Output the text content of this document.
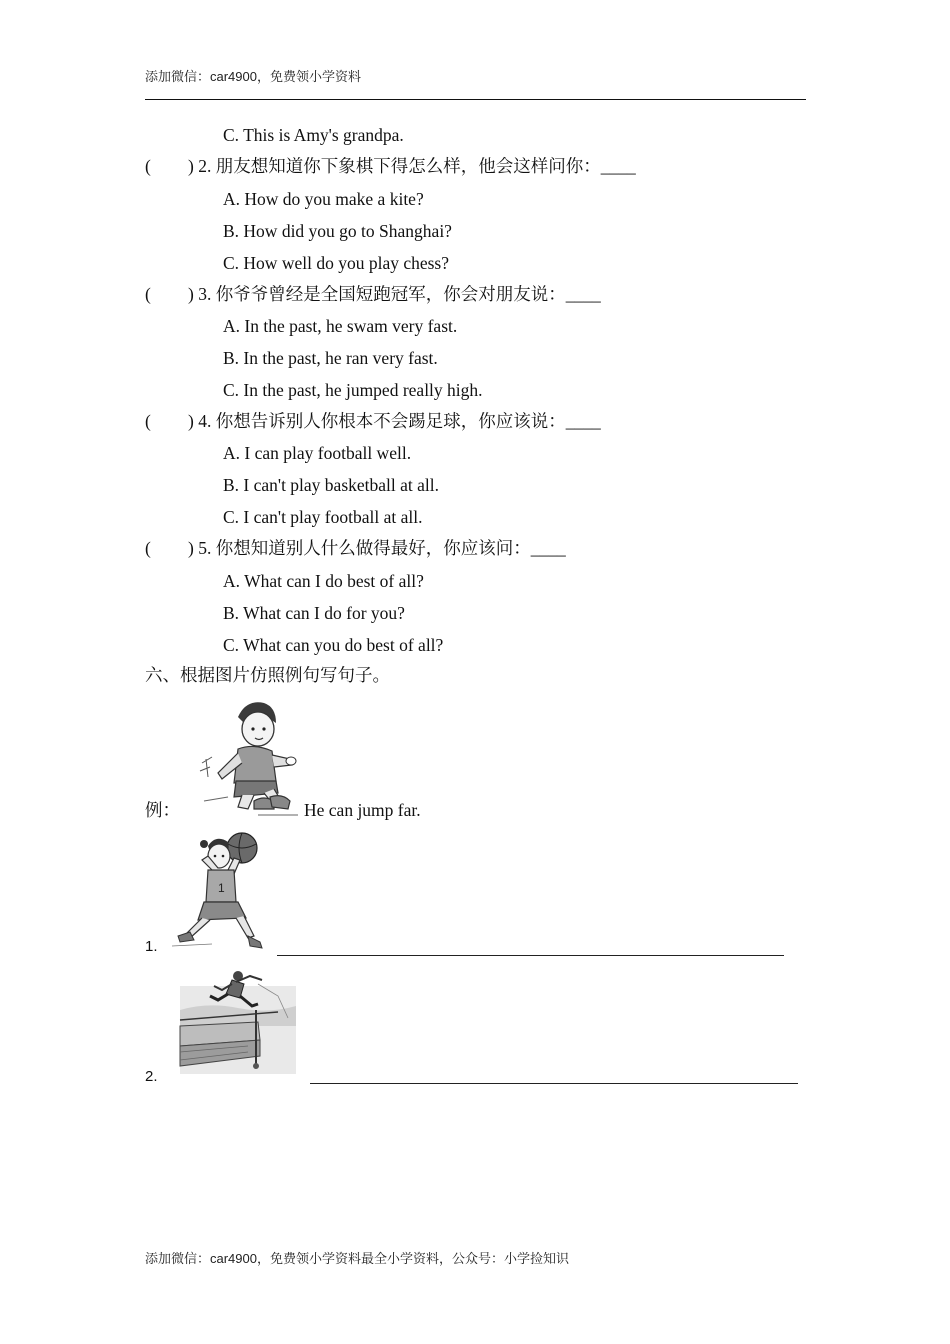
添加微信：car4900，免费领小学资料
C. This is Amy's grandpa.
( ) 2. 朋友想知道你下象棋下得怎么样，他会这样问你：____
A. How do you make a kite?
B. How did you go to Shanghai?
C. How well do you play chess?
( ) 3. 你爷爷曾经是全国短跑冠军，你会对朋友说：____
A. In the past, he swam very fast.
B. In the past, he ran very fast.
C. In the past, he jumped really high.
( ) 4. 你想告诉别人你根本不会踢足球，你应该说：____
A. I can play football well.
B. I can't play basketball at all.
C. I can't play football at all.
( ) 5. 你想知道别人什么做得最好，你应该问：____
A. What can I do best of all?
B. What can I do for you?
C. What can you do best of all?
六、根据图片仿照例句写句子。
例：	He can jump far.
1.
1
2.
添加微信：car4900，免费领小学资料最全小学资料，公众号：小学捡知识
